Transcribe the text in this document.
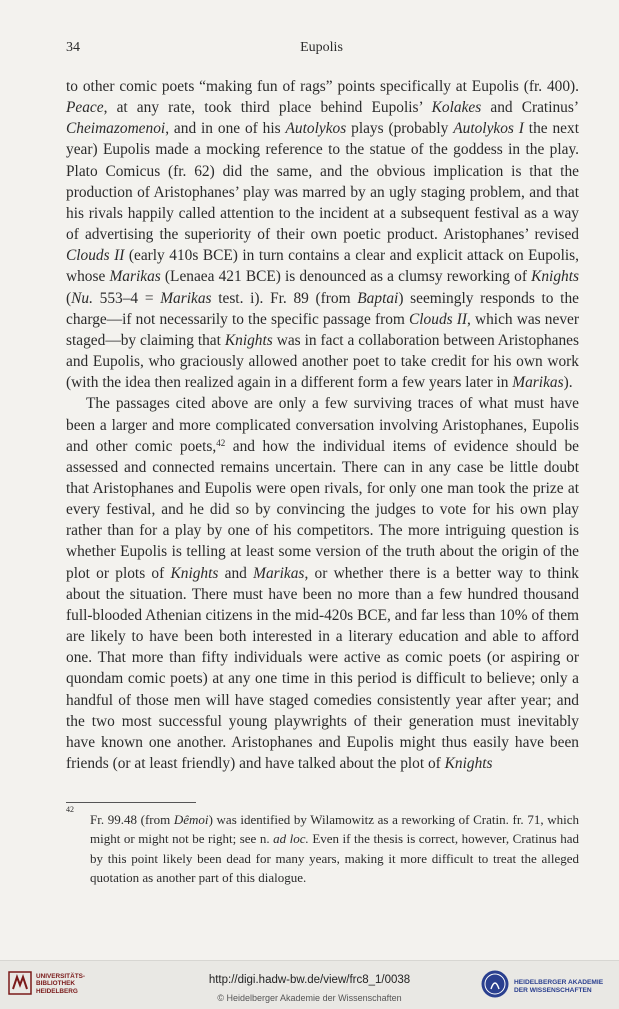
34	Eupolis

to other comic poets “making fun of rags” points specifically at Eupolis (fr. 400). Peace, at any rate, took third place behind Eupolis’ Kolakes and Cratinus’ Cheimazomenoi, and in one of his Autolykos plays (probably Autolykos I the next year) Eupolis made a mocking reference to the statue of the goddess in the play. Plato Comicus (fr. 62) did the same, and the obvious implication is that the production of Aristophanes’ play was marred by an ugly staging problem, and that his rivals happily called attention to the incident at a subsequent festival as a way of advertising the superiority of their own poetic product. Aristophanes’ revised Clouds II (early 410s BCE) in turn contains a clear and explicit attack on Eupolis, whose Marikas (Lenaea 421 BCE) is denounced as a clumsy reworking of Knights (Nu. 553–4 = Marikas test. i). Fr. 89 (from Baptai) seemingly responds to the charge—if not necessarily to the specific passage from Clouds II, which was never staged—by claiming that Knights was in fact a collaboration between Aristophanes and Eupolis, who graciously allowed another poet to take credit for his own work (with the idea then realized again in a different form a few years later in Marikas).

The passages cited above are only a few surviving traces of what must have been a larger and more complicated conversation involving Aristophanes, Eupolis and other comic poets,$^{42}$ and how the individual items of evidence should be assessed and connected remains uncertain. There can in any case be little doubt that Aristophanes and Eupolis were open rivals, for only one man took the prize at every festival, and he did so by convincing the judges to vote for his own play rather than for a play by one of his competitors. The more intriguing question is whether Eupolis is telling at least some version of the truth about the origin of the plot or plots of Knights and Marikas, or whether there is a better way to think about the situation. There must have been no more than a few hundred thousand full-blooded Athenian citizens in the mid-420s BCE, and far less than 10% of them are likely to have been both interested in a literary education and able to afford one. That more than fifty individuals were active as comic poets (or aspiring or quondam comic poets) at any one time in this period is difficult to believe; only a handful of those men will have staged comedies consistently year after year; and the two most successful young playwrights of their generation must inevitably have known one another. Aristophanes and Eupolis might thus easily have been friends (or at least friendly) and have talked about the plot of Knights

42
Fr. 99.48 (from Dêmoi) was identified by Wilamowitz as a reworking of Cratin. fr. 71, which might or might not be right; see n. ad loc. Even if the thesis is correct, however, Cratinus had by this point likely been dead for many years, making it more difficult to treat the alleged quotation as another part of this dialogue.
UNIVERSITÄTS-
BIBLIOTHEK
HEIDELBERG
http://digi.hadw-bw.de/view/frc8_1/0038
© Heidelberger Akademie der Wissenschaften
HEIDELBERGER AKADEMIE
DER WISSENSCHAFTEN
